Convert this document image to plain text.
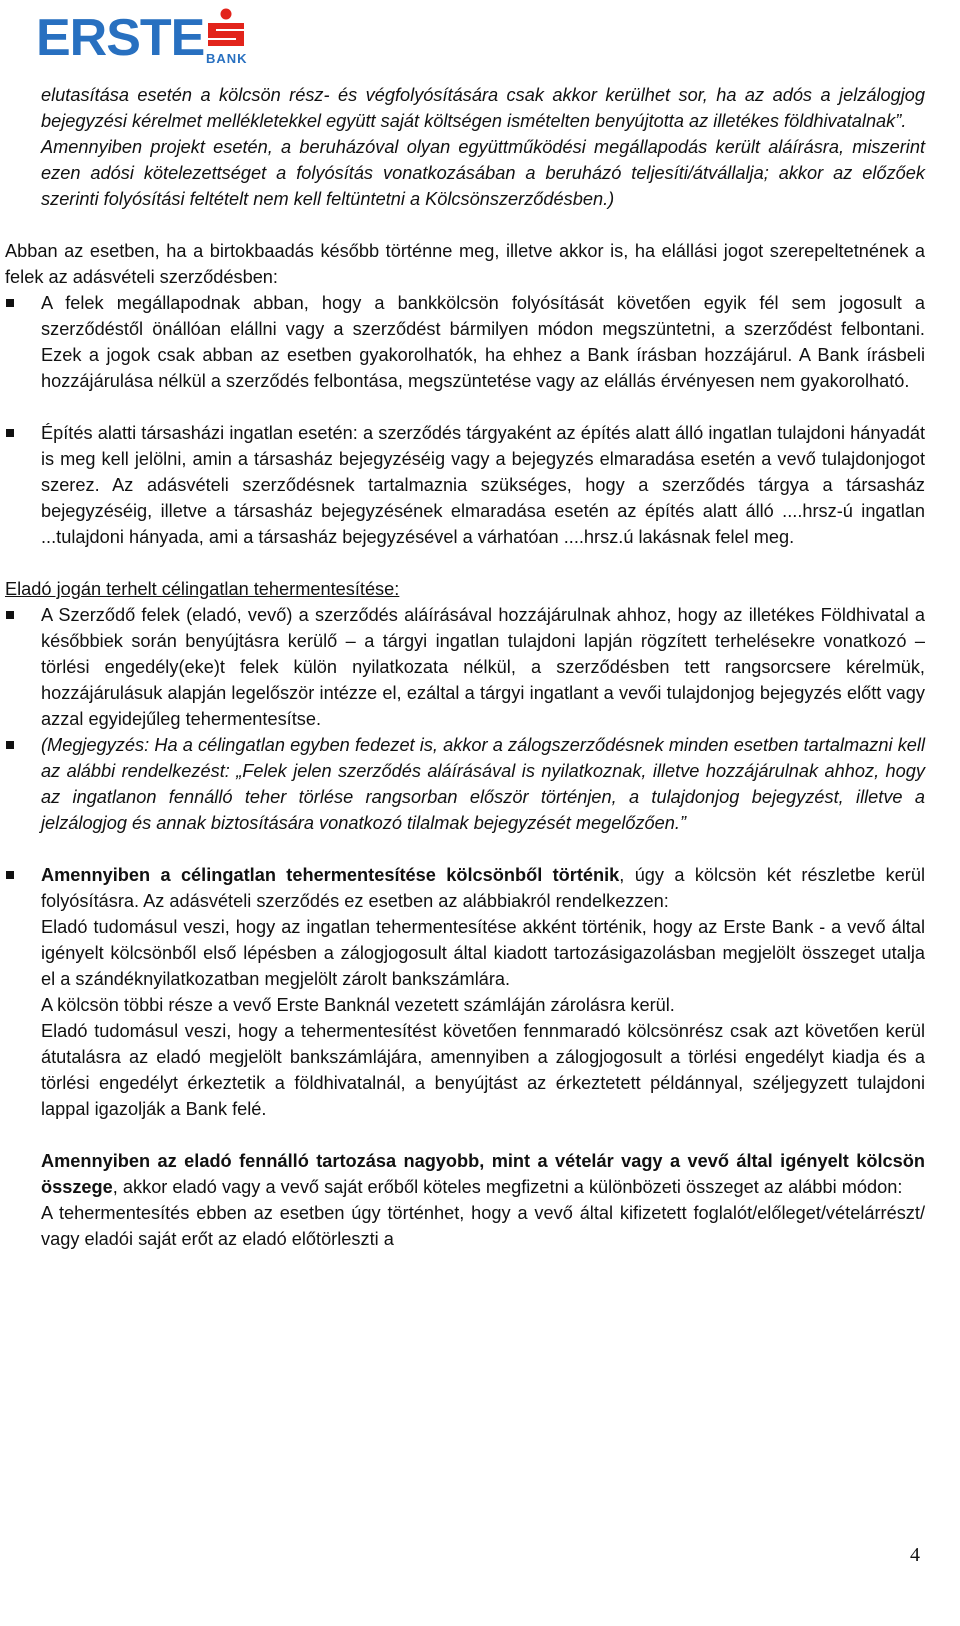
ERSTE BANK

elutasítása esetén a kölcsön rész- és végfolyósítására csak akkor kerülhet sor, ha az adós a jelzálogjog bejegyzési kérelmet mellékletekkel együtt saját költségen ismételten benyújtotta az illetékes földhivatalnak”.

Amennyiben projekt esetén, a beruházóval olyan együttműködési megállapodás került aláírásra, miszerint ezen adósi kötelezettséget a folyósítás vonatkozásában a beruházó teljesíti/átvállalja; akkor az előzőek szerinti folyósítási feltételt nem kell feltüntetni a Kölcsönszerződésben.)

Abban az esetben, ha a birtokbaadás később történne meg, illetve akkor is, ha elállási jogot szerepeltetnének a felek az adásvételi szerződésben:

A felek megállapodnak abban, hogy a bankkölcsön folyósítását követően egyik fél sem jogosult a szerződéstől önállóan elállni vagy a szerződést bármilyen módon megszüntetni, a szerződést felbontani. Ezek a jogok csak abban az esetben gyakorolhatók, ha ehhez a Bank írásban hozzájárul. A Bank írásbeli hozzájárulása nélkül a szerződés felbontása, megszüntetése vagy az elállás érvényesen nem gyakorolható.
Építés alatti társasházi ingatlan esetén: a szerződés tárgyaként az építés alatt álló ingatlan tulajdoni hányadát is meg kell jelölni, amin a társasház bejegyzéséig vagy a bejegyzés elmaradása esetén a vevő tulajdonjogot szerez. Az adásvételi szerződésnek tartalmaznia szükséges, hogy a szerződés tárgya a társasház bejegyzéséig, illetve a társasház bejegyzésének elmaradása esetén az építés alatt álló ....hrsz-ú ingatlan ...tulajdoni hányada, ami a társasház bejegyzésével a várhatóan ....hrsz.ú lakásnak felel meg.

Eladó jogán terhelt célingatlan tehermentesítése:

A Szerződő felek (eladó, vevő) a szerződés aláírásával hozzájárulnak ahhoz, hogy az illetékes Földhivatal a későbbiek során benyújtásra kerülő – a tárgyi ingatlan tulajdoni lapján rögzített terhelésekre vonatkozó – törlési engedély(eke)t felek külön nyilatkozata nélkül, a szerződésben tett rangsorcsere kérelmük, hozzájárulásuk alapján legelőször intézze el, ezáltal a tárgyi ingatlant a vevői tulajdonjog bejegyzés előtt vagy azzal egyidejűleg tehermentesítse.
(Megjegyzés: Ha a célingatlan egyben fedezet is, akkor a zálogszerződésnek minden esetben tartalmazni kell az alábbi rendelkezést: „Felek jelen szerződés aláírásával is nyilatkoznak, illetve hozzájárulnak ahhoz, hogy az ingatlanon fennálló teher törlése rangsorban először történjen, a tulajdonjog bejegyzést, illetve a jelzálogjog és annak biztosítására vonatkozó tilalmak bejegyzését megelőzően.”
Amennyiben a célingatlan tehermentesítése kölcsönből történik, úgy a kölcsön két részletbe kerül folyósításra. Az adásvételi szerződés ez esetben az alábbiakról rendelkezzen:

Eladó tudomásul veszi, hogy az ingatlan tehermentesítése akként történik, hogy az Erste Bank - a vevő által igényelt kölcsönből első lépésben a zálogjogosult által kiadott tartozásigazolásban megjelölt összeget utalja el a szándéknyilatkozatban megjelölt zárolt bankszámlára.

A kölcsön többi része a vevő Erste Banknál vezetett számláján zárolásra kerül.

Eladó tudomásul veszi, hogy a tehermentesítést követően fennmaradó kölcsönrész csak azt követően kerül átutalásra az eladó megjelölt bankszámlájára, amennyiben a zálogjogosult a törlési engedélyt kiadja és a törlési engedélyt érkeztetik a földhivatalnál, a benyújtást az érkeztetett példánnyal, széljegyzett tulajdoni lappal igazolják a Bank felé.

Amennyiben az eladó fennálló tartozása nagyobb, mint a vételár vagy a vevő által igényelt kölcsön összege, akkor eladó vagy a vevő saját erőből köteles megfizetni a különbözeti összeget az alábbi módon:

A tehermentesítés ebben az esetben úgy történhet, hogy a vevő által kifizetett foglalót/előleget/vételárrészt/ vagy eladói saját erőt az eladó előtörleszti a

4
